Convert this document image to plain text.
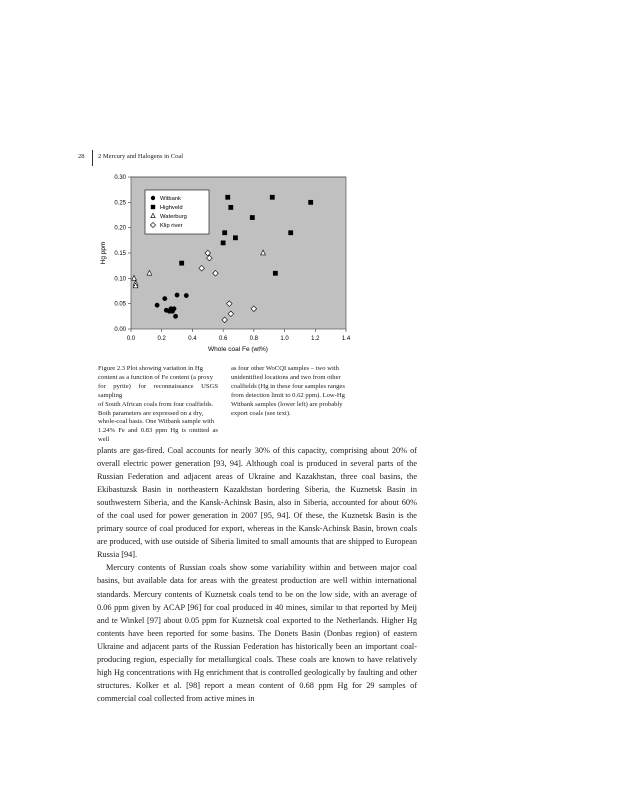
28 2 Mercury and Halogens in Coal
0.0	0.2	0.4	0.6	0.8	1.0	1.2	1.4
0.00
0.05
0.10
0.15
0.20
0.25
0.30
Witbank
Highveld
Waterburg
Klip river
Whole coal Fe (wt%)
Hg ppm
Figure 2.3 Plot showing variation in Hg
content as a function of Fe content (a proxy
for pyrite) for reconnaissance USGS sampling
of South African coals from four coalfields.
Both parameters are expressed on a dry,
whole-coal basis. One Witbank sample with
1.24% Fe and 0.83 ppm Hg is omitted as well
as four other WoCQI samples – two with
unidentified locations and two from other
coalfields (Hg in these four samples ranges
from detection limit to 0.62 ppm). Low-Hg
Witbank samples (lower left) are probably
export coals (see text).

plants are gas-fired. Coal accounts for nearly 30% of this capacity, comprising about 20% of overall electric power generation [93, 94]. Although coal is produced in several parts of the Russian Federation and adjacent areas of Ukraine and Kazakhstan, three coal basins, the Ekibastuzsk Basin in northeastern Kazakhstan bordering Siberia, the Kuznetsk Basin in southwestern Siberia, and the Kansk-Achinsk Basin, also in Siberia, accounted for about 60% of the coal used for power generation in 2007 [95, 94]. Of these, the Kuznetsk Basin is the primary source of coal produced for export, whereas in the Kansk-Achinsk Basin, brown coals are produced, with use outside of Siberia limited to small amounts that are shipped to European Russia [94].

Mercury contents of Russian coals show some variability within and between major coal basins, but available data for areas with the greatest production are well within international standards. Mercury contents of Kuznetsk coals tend to be on the low side, with an average of 0.06 ppm given by ACAP [96] for coal produced in 40 mines, similar to that reported by Meij and te Winkel [97] about 0.05 ppm for Kuznetsk coal exported to the Netherlands. Higher Hg contents have been reported for some basins. The Donets Basin (Donbas region) of eastern Ukraine and adjacent parts of the Russian Federation has historically been an important coal-producing region, especially for metallurgical coals. These coals are known to have relatively high Hg concentrations with Hg enrichment that is controlled geologically by faulting and other structures. Kolker et al. [98] report a mean content of 0.68 ppm Hg for 29 samples of commercial coal collected from active mines in
